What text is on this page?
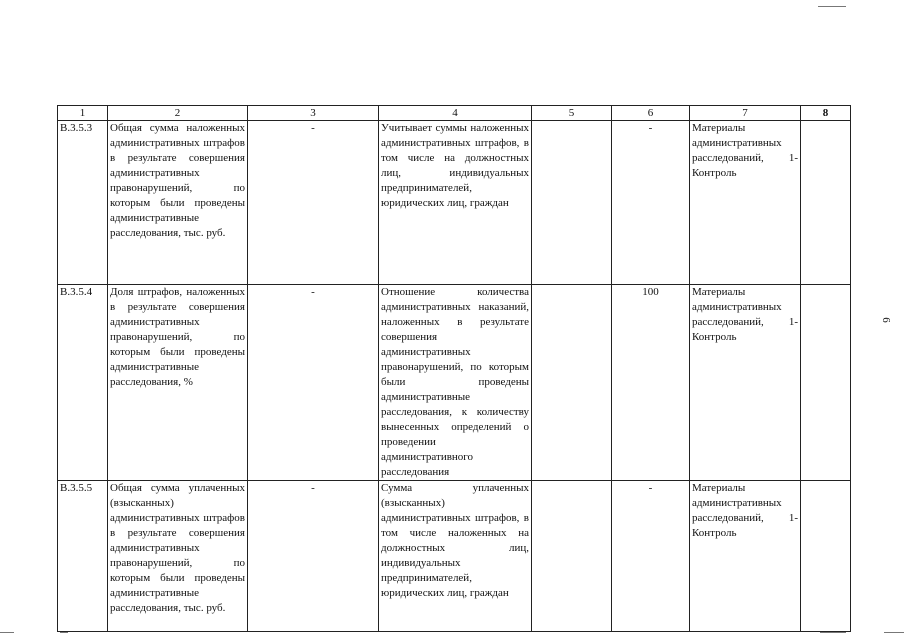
1	2	3	4	5	6	7	8
B.3.5.3	Общая сумма наложенных административных штрафов в результате совершения административных правонарушений, по которым были проведены административные расследования, тыс. руб.	-	Учитывает суммы наложенных административных штрафов, в том числе на должностных лиц, индивидуальных предпринимателей, юридических лиц, граждан		-	Материалы административных расследований, 1-Контроль	
B.3.5.4	Доля штрафов, наложенных в результате совершения административных правонарушений, по которым были проведены административные расследования, %	-	Отношение количества административных наказаний, наложенных в результате совершения административных правонарушений, по которым были проведены административные расследования, к количеству вынесенных определений о проведении административного расследования		100	Материалы административных расследований, 1-Контроль	
B.3.5.5	Общая сумма уплаченных (взысканных) административных штрафов в результате совершения административных правонарушений, по которым были проведены административные расследования, тыс. руб.	-	Сумма уплаченных (взысканных) административных штрафов, в том числе наложенных на должностных лиц, индивидуальных предпринимателей, юридических лиц, граждан		-	Материалы административных расследований, 1-Контроль	
6
